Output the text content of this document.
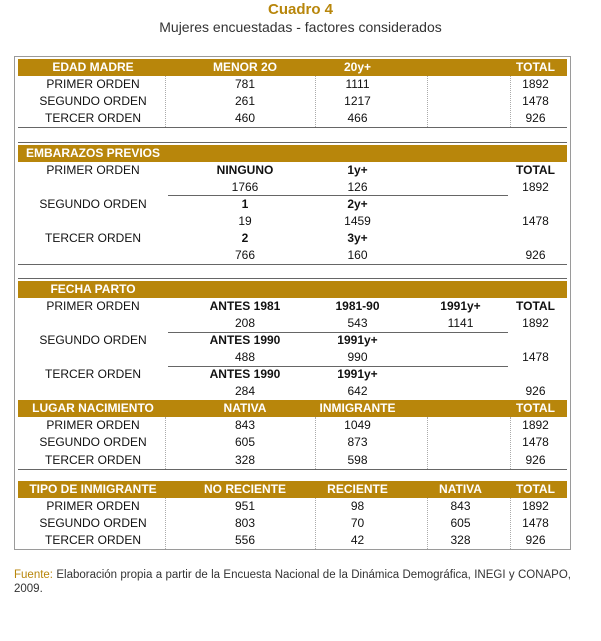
Cuadro 4
Mujeres encuestadas - factores considerados
EDAD MADRE	MENOR 2O	20y+	TOTAL
PRIMER ORDEN	781	1111	1892
SEGUNDO ORDEN	261	1217	1478
TERCER ORDEN	460	466	926
EMBARAZOS PREVIOS
PRIMER ORDEN	NINGUNO	1y+	TOTAL
1766	126	1892
SEGUNDO ORDEN	1	2y+
19	1459	1478
TERCER ORDEN	2	3y+
766	160	926
FECHA PARTO
PRIMER ORDEN	ANTES 1981	1981-90	1991y+	TOTAL
208	543	1141	1892
SEGUNDO ORDEN	ANTES 1990	1991y+
488	990	1478
TERCER ORDEN	ANTES 1990	1991y+
284	642	926
LUGAR NACIMIENTO	NATIVA	INMIGRANTE	TOTAL
PRIMER ORDEN	843	1049	1892
SEGUNDO ORDEN	605	873	1478
TERCER ORDEN	328	598	926
TIPO DE INMIGRANTE	NO RECIENTE	RECIENTE	NATIVA	TOTAL
PRIMER ORDEN	951	98	843	1892
SEGUNDO ORDEN	803	70	605	1478
TERCER ORDEN	556	42	328	926
Fuente: Elaboración propia a partir de la Encuesta Nacional de la Dinámica Demográfica, INEGI y CONAPO, 2009.
